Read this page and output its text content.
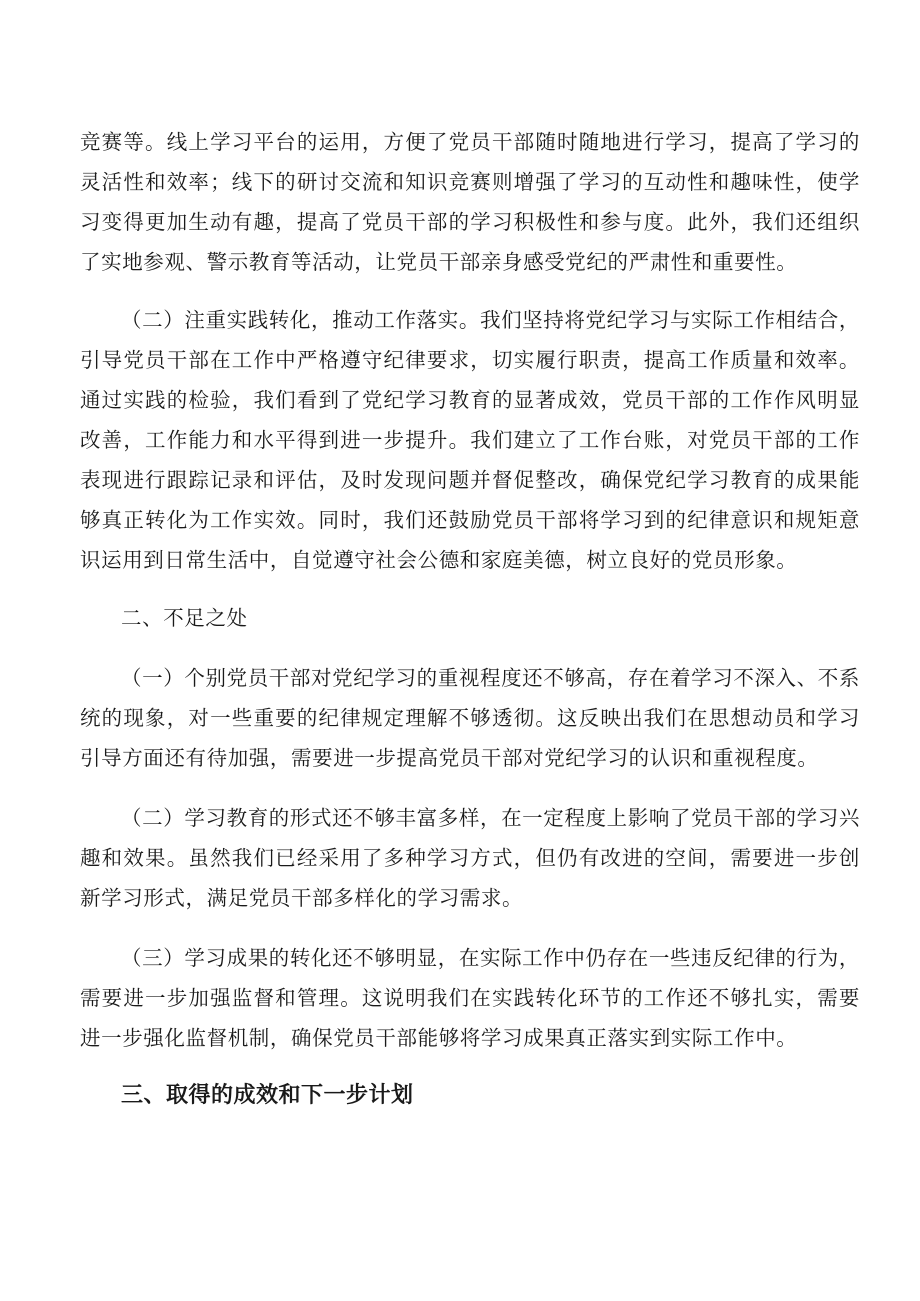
竞赛等。线上学习平台的运用，方便了党员干部随时随地进行学习，提高了学习的灵活性和效率；线下的研讨交流和知识竞赛则增强了学习的互动性和趣味性，使学习变得更加生动有趣，提高了党员干部的学习积极性和参与度。此外，我们还组织了实地参观、警示教育等活动，让党员干部亲身感受党纪的严肃性和重要性。

（二）注重实践转化，推动工作落实。我们坚持将党纪学习与实际工作相结合，引导党员干部在工作中严格遵守纪律要求，切实履行职责，提高工作质量和效率。通过实践的检验，我们看到了党纪学习教育的显著成效，党员干部的工作作风明显改善，工作能力和水平得到进一步提升。我们建立了工作台账，对党员干部的工作表现进行跟踪记录和评估，及时发现问题并督促整改，确保党纪学习教育的成果能够真正转化为工作实效。同时，我们还鼓励党员干部将学习到的纪律意识和规矩意识运用到日常生活中，自觉遵守社会公德和家庭美德，树立良好的党员形象。

二、不足之处

（一）个别党员干部对党纪学习的重视程度还不够高，存在着学习不深入、不系统的现象，对一些重要的纪律规定理解不够透彻。这反映出我们在思想动员和学习引导方面还有待加强，需要进一步提高党员干部对党纪学习的认识和重视程度。

（二）学习教育的形式还不够丰富多样，在一定程度上影响了党员干部的学习兴趣和效果。虽然我们已经采用了多种学习方式，但仍有改进的空间，需要进一步创新学习形式，满足党员干部多样化的学习需求。

（三）学习成果的转化还不够明显，在实际工作中仍存在一些违反纪律的行为，需要进一步加强监督和管理。这说明我们在实践转化环节的工作还不够扎实，需要进一步强化监督机制，确保党员干部能够将学习成果真正落实到实际工作中。

三、取得的成效和下一步计划
